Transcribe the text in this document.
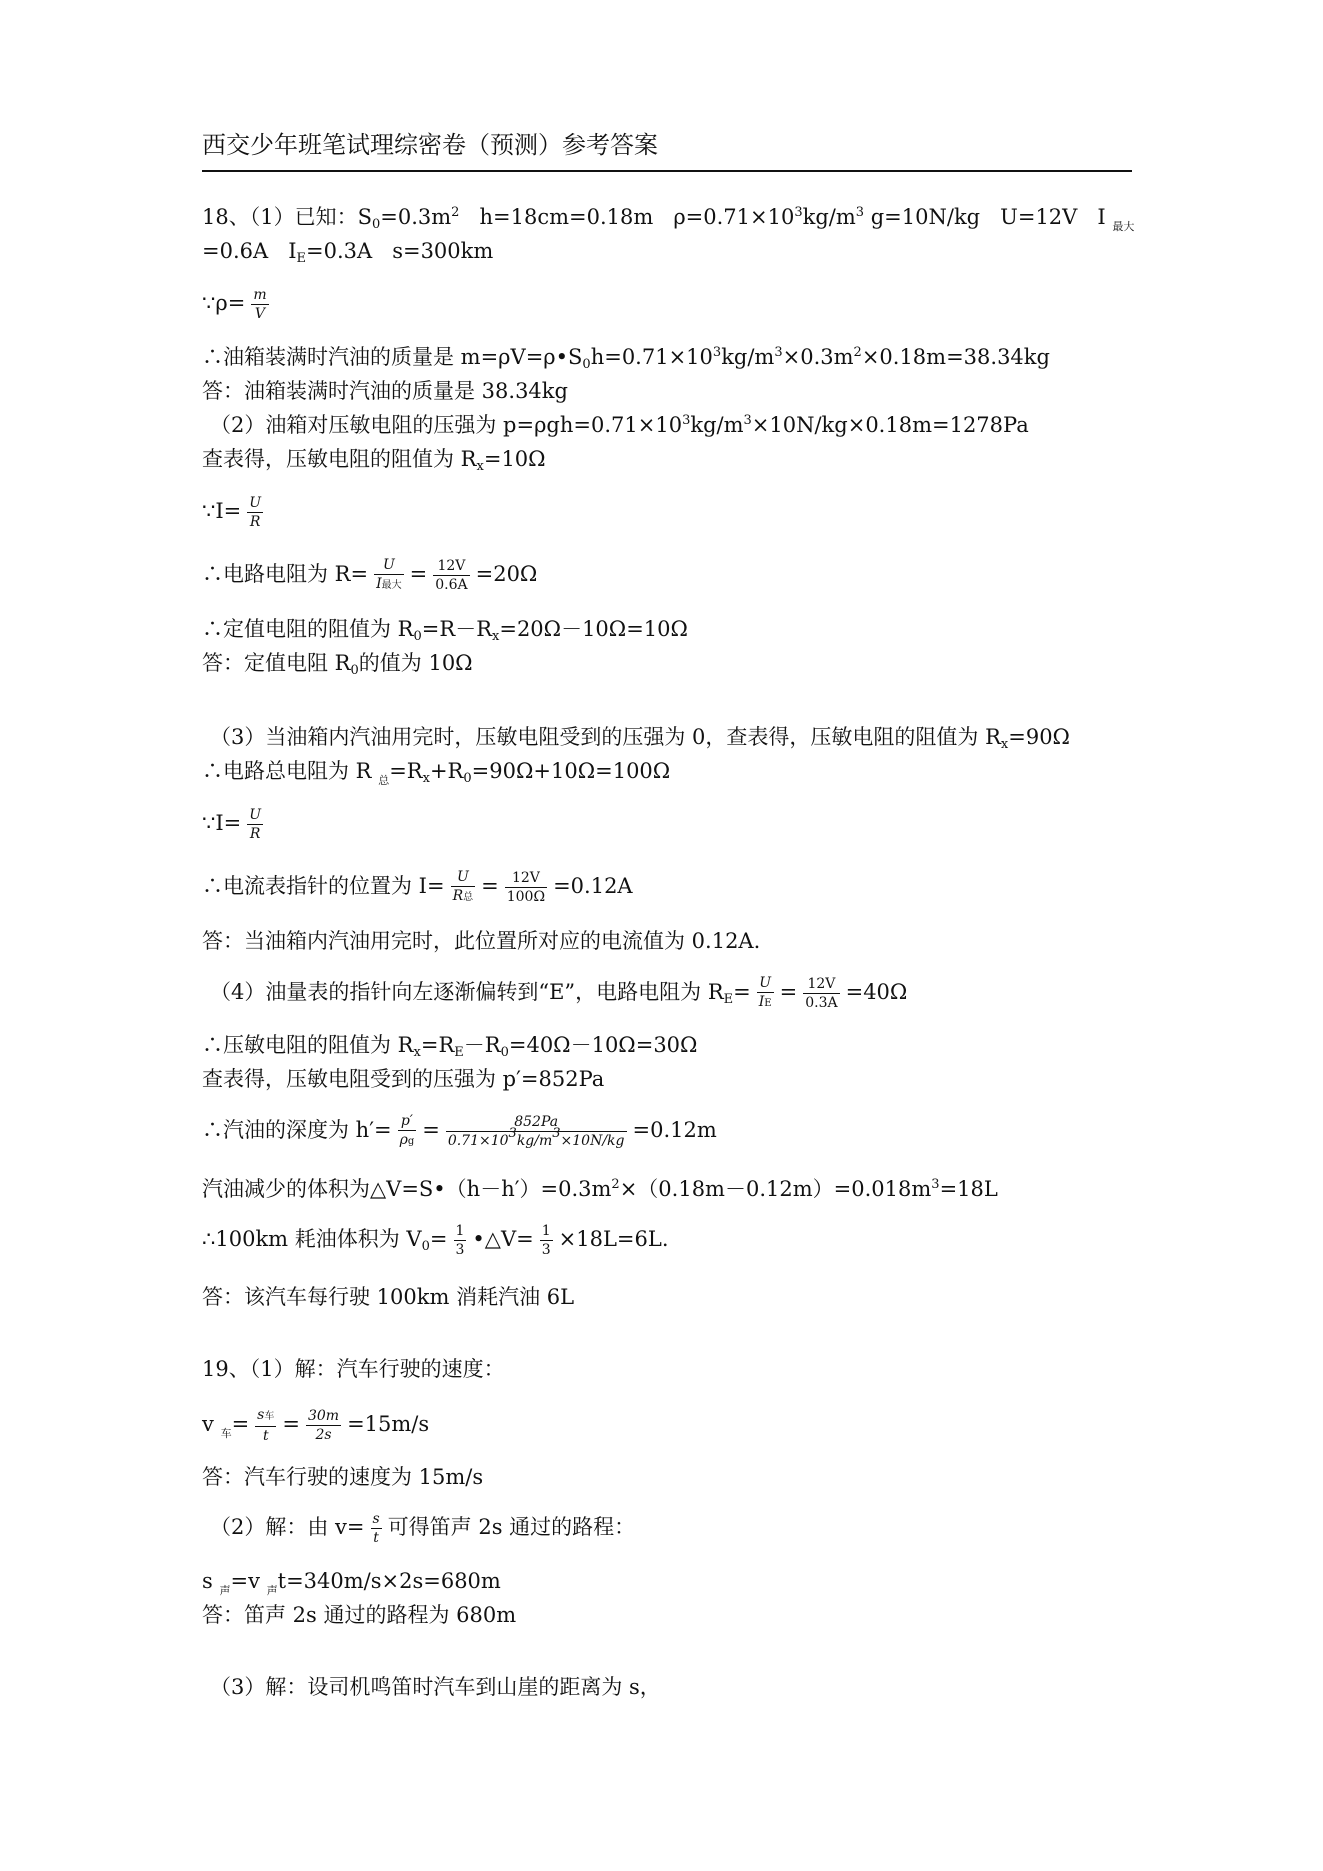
西交少年班笔试理综密卷（预测）参考答案
18、（1）已知：$S_0=0.3m^2$ h=18cm=0.18m $\rho=0.71\times 10^3kg/m^3$ g=10N/kg U=12V I $_{最大}$
=0.6A $I_E=0.3A$ s=300km
∵ρ= $\frac{m}{V}$
∴油箱装满时汽油的质量是 $m=\rho V=\rho•S_0h=0.71\times 10^3kg/m^3\times 0.3m^2\times 0.18m=38.34kg$
答：油箱装满时汽油的质量是 38.34kg
（2）油箱对压敏电阻的压强为 $p=\rho gh=0.71\times 10^3kg/m^3\times 10N/kg\times 0.18m=1278Pa$
查表得，压敏电阻的阻值为 $R_x=10\Omega$
∵I= $\frac{U}{R}$
∴电路电阻为 $R= \frac{U}{\text{I最大}} = \frac{12V}{0.6A} =20\Omega$
∴定值电阻的阻值为 $R_0=R-R_x=20\Omega-10\Omega=10\Omega$
答：定值电阻 $R_0$的值为 10Ω
（3）当油箱内汽油用完时，压敏电阻受到的压强为 0，查表得，压敏电阻的阻值为 $R_x=90\Omega$
∴电路总电阻为 R $_总=R_x+R_0=90\Omega+10\Omega=100\Omega$
∵I= $\frac{U}{R}$
∴电流表指针的位置为 $I= \frac{U}{\text{R总}} = \frac{12V}{100\Omega} =0.12A$
答：当油箱内汽油用完时，此位置所对应的电流值为 0.12A.
（4）油量表的指针向左逐渐偏转到“E”，电路电阻为 $R_E= \frac{U}{IE} = \frac{12V}{0.3A} =40\Omega$
∴压敏电阻的阻值为 $R_x=R_E-R_0=40\Omega-10\Omega=30\Omega$
查表得，压敏电阻受到的压强为 p′=852Pa
∴汽油的深度为 $h'= \frac{p'}{\rho g} = \frac{852Pa}{0.71\times 10^3kg/m^3\times 10N/kg} =0.12m$
汽油减少的体积为$\triangle V=S•(h-h')=0.3m^2\times(0.18m-0.12m)=0.018m^3=18L$
∴100km 耗油体积为 $V_0= \frac{1}{3}$ •△V= $\frac{1}{3} \times 18L=6L$.
答：该汽车每行驶 100km 消耗汽油 6L
19、（1）解：汽车行驶的速度：
v $_车= \frac{\text{s车}}{t} = \frac{30m}{2s} =15m/s$
答：汽车行驶的速度为 15m/s
（2）解：由 $v= \frac{s}{t}$ 可得笛声 2s 通过的路程：
s $_声$=v $_声$t=340m/s×2s=680m
答：笛声 2s 通过的路程为 680m
（3）解：设司机鸣笛时汽车到山崖的距离为 s，
